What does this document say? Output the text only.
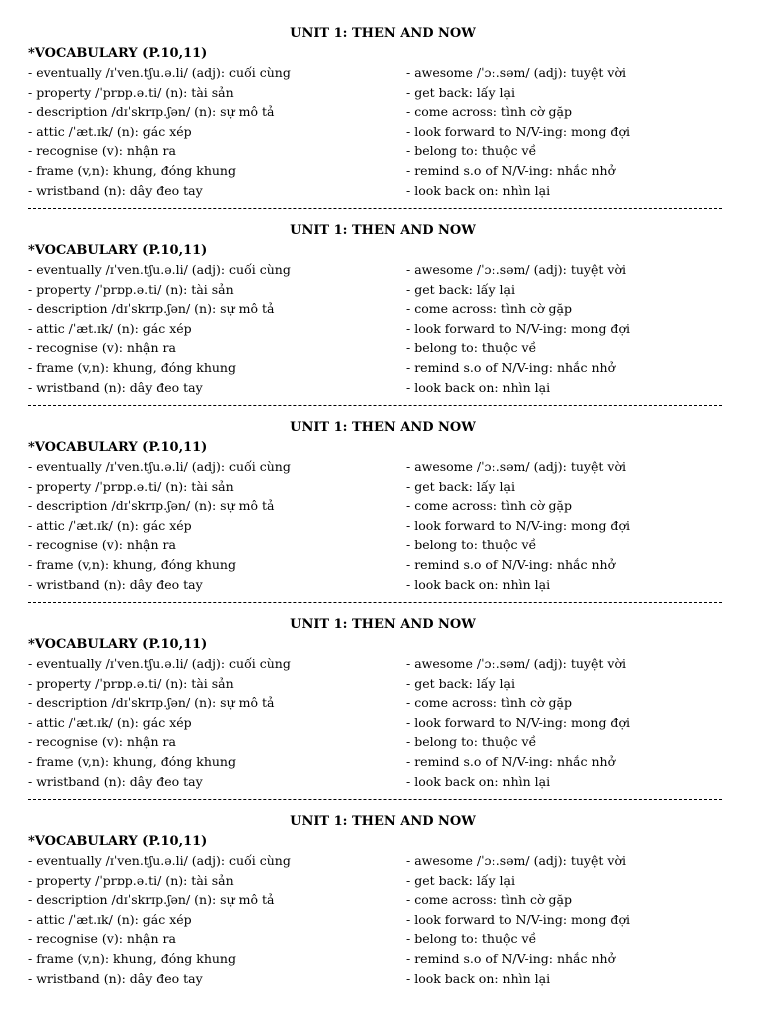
UNIT 1: THEN AND NOW
*VOCABULARY (P.10,11)
- eventually /ɪˈven.tʃu.ə.li/ (adj): cuối cùng
- property /ˈprɒp.ə.ti/ (n): tài sản
- description /dɪˈskrɪp.ʃən/ (n): sự mô tả
- attic /ˈæt.ɪk/ (n): gác xép
- recognise (v): nhận ra
- frame (v,n): khung, đóng khung
- wristband (n): dây đeo tay
- awesome /ˈɔː.səm/ (adj): tuyệt vời
- get back: lấy lại
- come across: tình cờ gặp
- look forward to N/V-ing: mong đợi
- belong to: thuộc về
- remind s.o of N/V-ing: nhắc nhở
- look back on: nhìn lại
UNIT 1: THEN AND NOW
*VOCABULARY (P.10,11)
- eventually /ɪˈven.tʃu.ə.li/ (adj): cuối cùng
- property /ˈprɒp.ə.ti/ (n): tài sản
- description /dɪˈskrɪp.ʃən/ (n): sự mô tả
- attic /ˈæt.ɪk/ (n): gác xép
- recognise (v): nhận ra
- frame (v,n): khung, đóng khung
- wristband (n): dây đeo tay
- awesome /ˈɔː.səm/ (adj): tuyệt vời
- get back: lấy lại
- come across: tình cờ gặp
- look forward to N/V-ing: mong đợi
- belong to: thuộc về
- remind s.o of N/V-ing: nhắc nhở
- look back on: nhìn lại
UNIT 1: THEN AND NOW
*VOCABULARY (P.10,11)
- eventually /ɪˈven.tʃu.ə.li/ (adj): cuối cùng
- property /ˈprɒp.ə.ti/ (n): tài sản
- description /dɪˈskrɪp.ʃən/ (n): sự mô tả
- attic /ˈæt.ɪk/ (n): gác xép
- recognise (v): nhận ra
- frame (v,n): khung, đóng khung
- wristband (n): dây đeo tay
- awesome /ˈɔː.səm/ (adj): tuyệt vời
- get back: lấy lại
- come across: tình cờ gặp
- look forward to N/V-ing: mong đợi
- belong to: thuộc về
- remind s.o of N/V-ing: nhắc nhở
- look back on: nhìn lại
UNIT 1: THEN AND NOW
*VOCABULARY (P.10,11)
- eventually /ɪˈven.tʃu.ə.li/ (adj): cuối cùng
- property /ˈprɒp.ə.ti/ (n): tài sản
- description /dɪˈskrɪp.ʃən/ (n): sự mô tả
- attic /ˈæt.ɪk/ (n): gác xép
- recognise (v): nhận ra
- frame (v,n): khung, đóng khung
- wristband (n): dây đeo tay
- awesome /ˈɔː.səm/ (adj): tuyệt vời
- get back: lấy lại
- come across: tình cờ gặp
- look forward to N/V-ing: mong đợi
- belong to: thuộc về
- remind s.o of N/V-ing: nhắc nhở
- look back on: nhìn lại
UNIT 1: THEN AND NOW
*VOCABULARY (P.10,11)
- eventually /ɪˈven.tʃu.ə.li/ (adj): cuối cùng
- property /ˈprɒp.ə.ti/ (n): tài sản
- description /dɪˈskrɪp.ʃən/ (n): sự mô tả
- attic /ˈæt.ɪk/ (n): gác xép
- recognise (v): nhận ra
- frame (v,n): khung, đóng khung
- wristband (n): dây đeo tay
- awesome /ˈɔː.səm/ (adj): tuyệt vời
- get back: lấy lại
- come across: tình cờ gặp
- look forward to N/V-ing: mong đợi
- belong to: thuộc về
- remind s.o of N/V-ing: nhắc nhở
- look back on: nhìn lại
